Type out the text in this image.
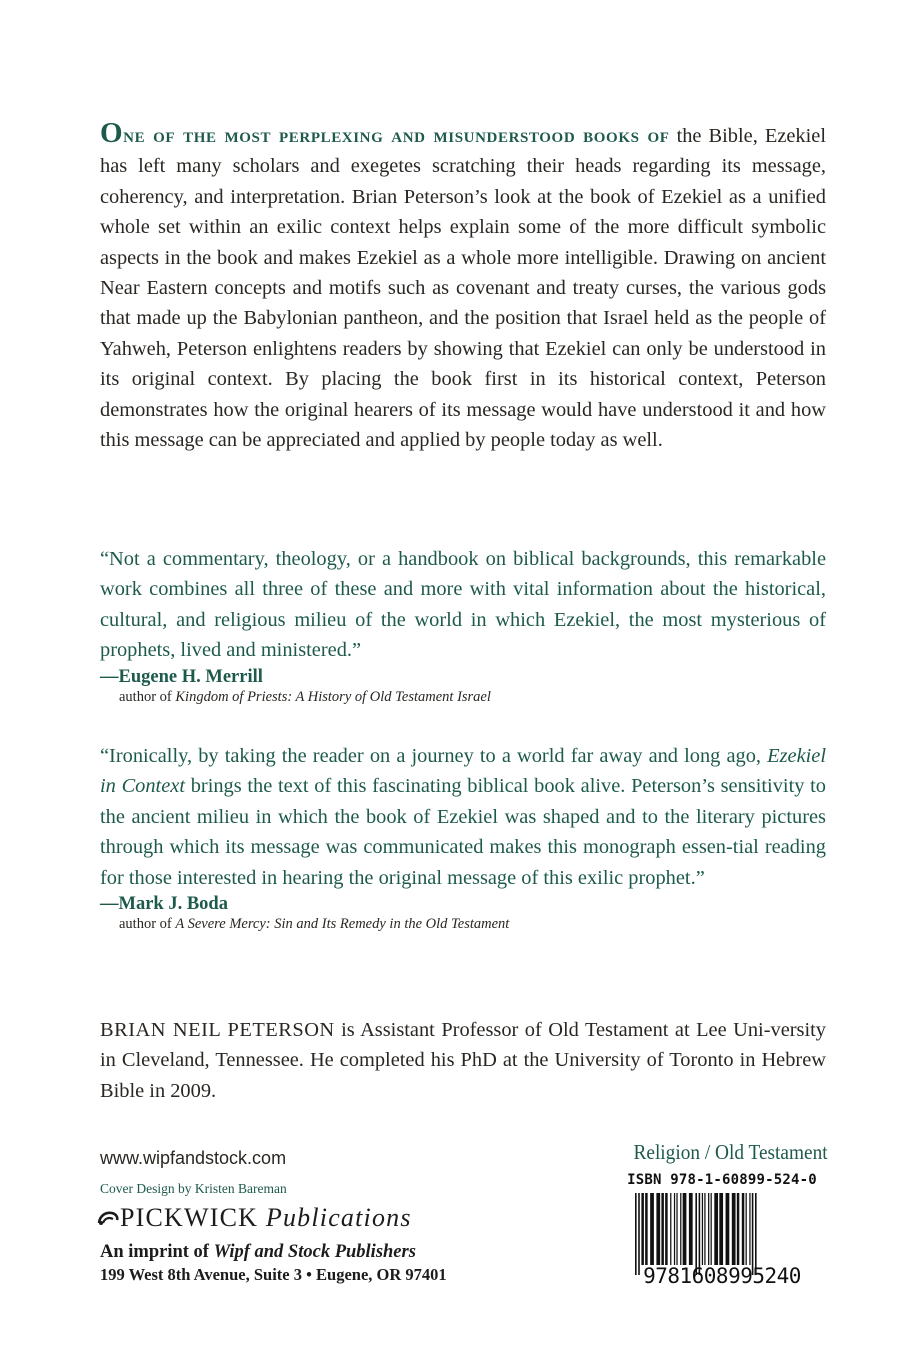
One of the most perplexing and misunderstood books of the Bible, Ezekiel has left many scholars and exegetes scratching their heads regarding its message, coherency, and interpretation. Brian Peterson’s look at the book of Ezekiel as a unified whole set within an exilic context helps explain some of the more difficult symbolic aspects in the book and makes Ezekiel as a whole more intelligible. Drawing on ancient Near Eastern concepts and motifs such as covenant and treaty curses, the various gods that made up the Babylonian pantheon, and the position that Israel held as the people of Yahweh, Peterson enlightens readers by showing that Ezekiel can only be understood in its original context. By placing the book first in its historical context, Peterson demonstrates how the original hearers of its message would have understood it and how this message can be appreciated and applied by people today as well.
“Not a commentary, theology, or a handbook on biblical backgrounds, this remarkable work combines all three of these and more with vital information about the historical, cultural, and religious milieu of the world in which Ezekiel, the most mysterious of prophets, lived and ministered.”
—Eugene H. Merrill
author of Kingdom of Priests: A History of Old Testament Israel
“Ironically, by taking the reader on a journey to a world far away and long ago, Ezekiel in Context brings the text of this fascinating biblical book alive. Peterson’s sensitivity to the ancient milieu in which the book of Ezekiel was shaped and to the literary pictures through which its message was communicated makes this monograph essen-tial reading for those interested in hearing the original message of this exilic prophet.”
—Mark J. Boda
author of A Severe Mercy: Sin and Its Remedy in the Old Testament
BRIAN NEIL PETERSON is Assistant Professor of Old Testament at Lee Uni-versity in Cleveland, Tennessee. He completed his PhD at the University of Toronto in Hebrew Bible in 2009.
www.wipfandstock.com
Cover Design by Kristen Bareman
PICKWICK
Publications
An imprint of Wipf and Stock Publishers
199 West 8th Avenue, Suite 3 • Eugene, OR 97401
Religion / Old Testament
ISBN 978-1-60899-524-0
9781608995240
